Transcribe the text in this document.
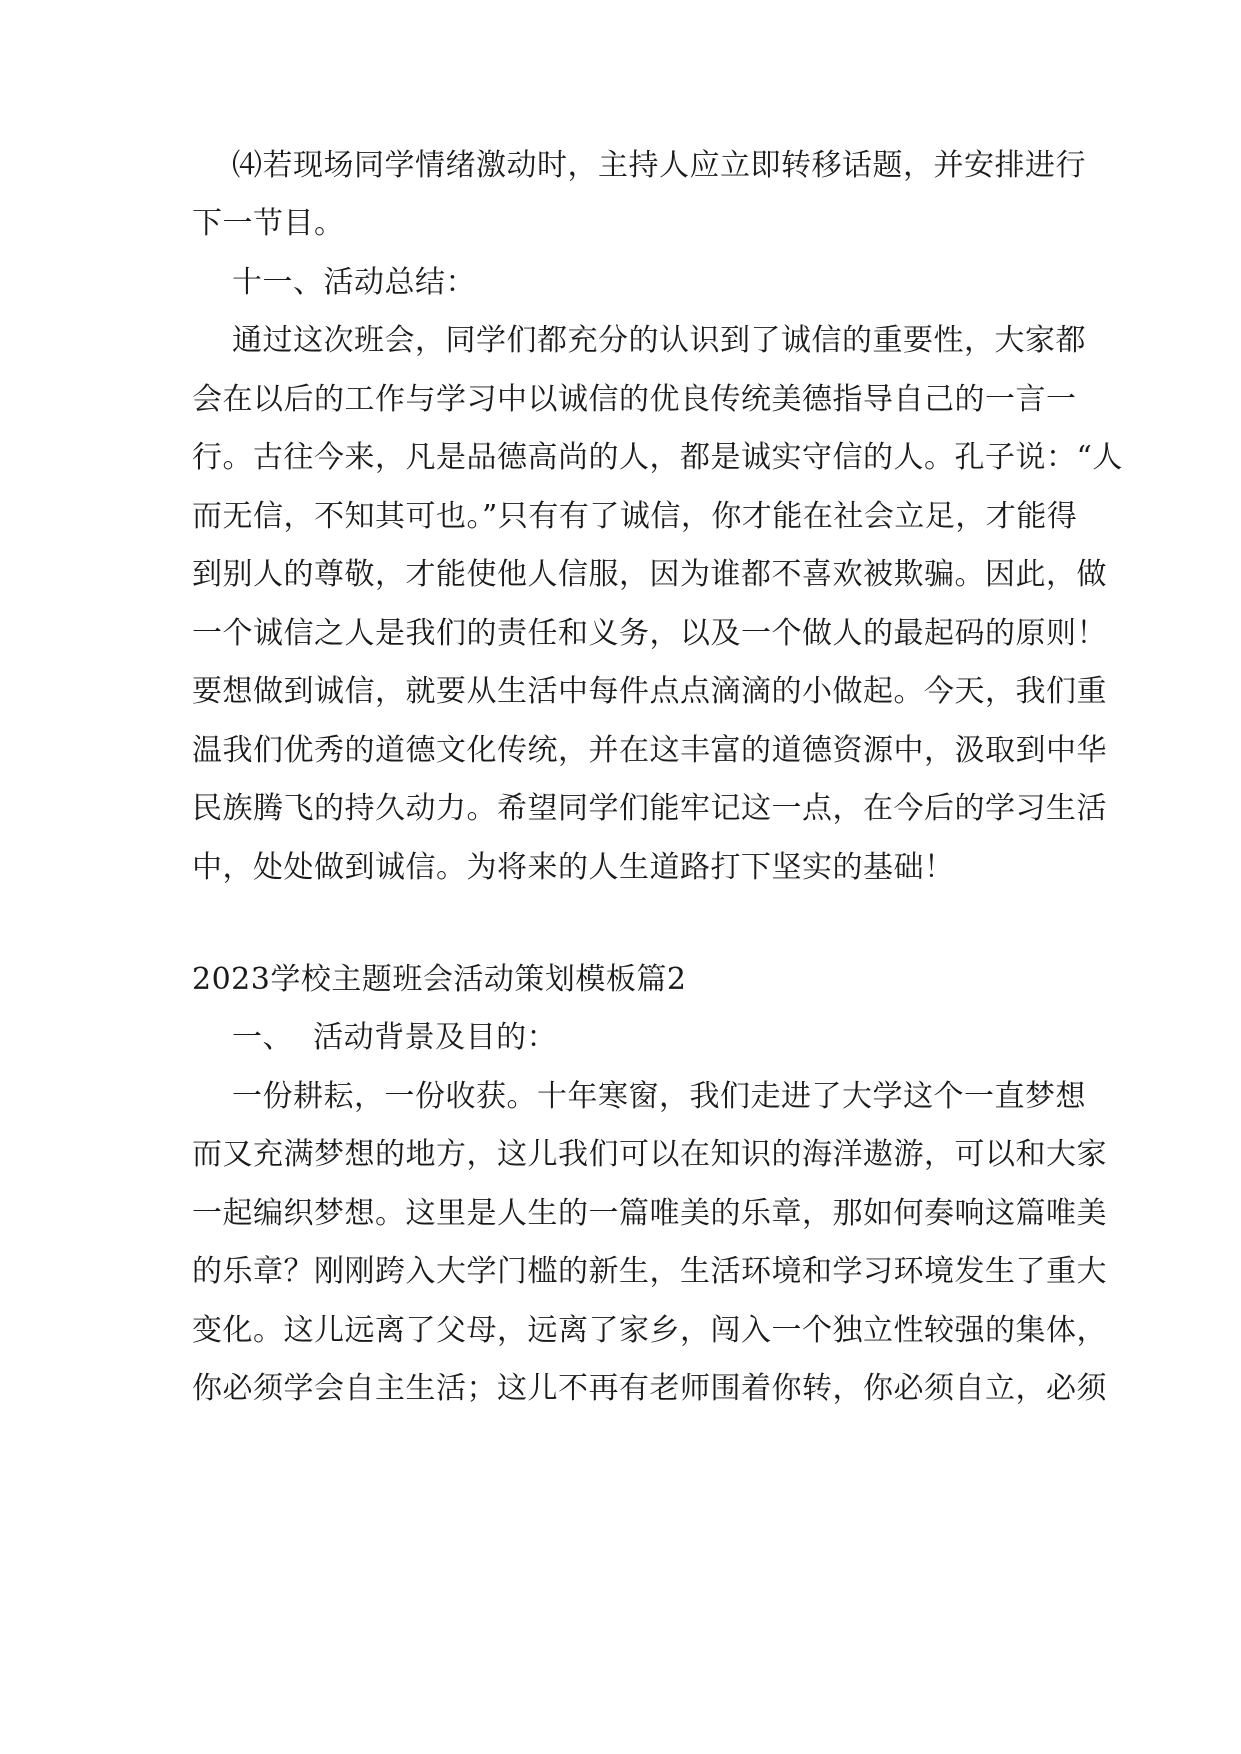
⑷若现场同学情绪激动时，主持人应立即转移话题，并安排进行
下一节目。
十一、活动总结：
通过这次班会，同学们都充分的认识到了诚信的重要性，大家都
会在以后的工作与学习中以诚信的优良传统美德指导自己的一言一
行。古往今来，凡是品德高尚的人，都是诚实守信的人。孔子说：“人
而无信，不知其可也。”只有有了诚信，你才能在社会立足，才能得
到别人的尊敬，才能使他人信服，因为谁都不喜欢被欺骗。因此，做
一个诚信之人是我们的责任和义务，以及一个做人的最起码的原则！
要想做到诚信，就要从生活中每件点点滴滴的小做起。今天，我们重
温我们优秀的道德文化传统，并在这丰富的道德资源中，汲取到中华
民族腾飞的持久动力。希望同学们能牢记这一点，在今后的学习生活
中，处处做到诚信。为将来的人生道路打下坚实的基础！
2023学校主题班会活动策划模板篇2
一、  活动背景及目的：
一份耕耘，一份收获。十年寒窗，我们走进了大学这个一直梦想
而又充满梦想的地方，这儿我们可以在知识的海洋遨游，可以和大家
一起编织梦想。这里是人生的一篇唯美的乐章，那如何奏响这篇唯美
的乐章？刚刚跨入大学门槛的新生，生活环境和学习环境发生了重大
变化。这儿远离了父母，远离了家乡，闯入一个独立性较强的集体，
你必须学会自主生活；这儿不再有老师围着你转，你必须自立，必须
